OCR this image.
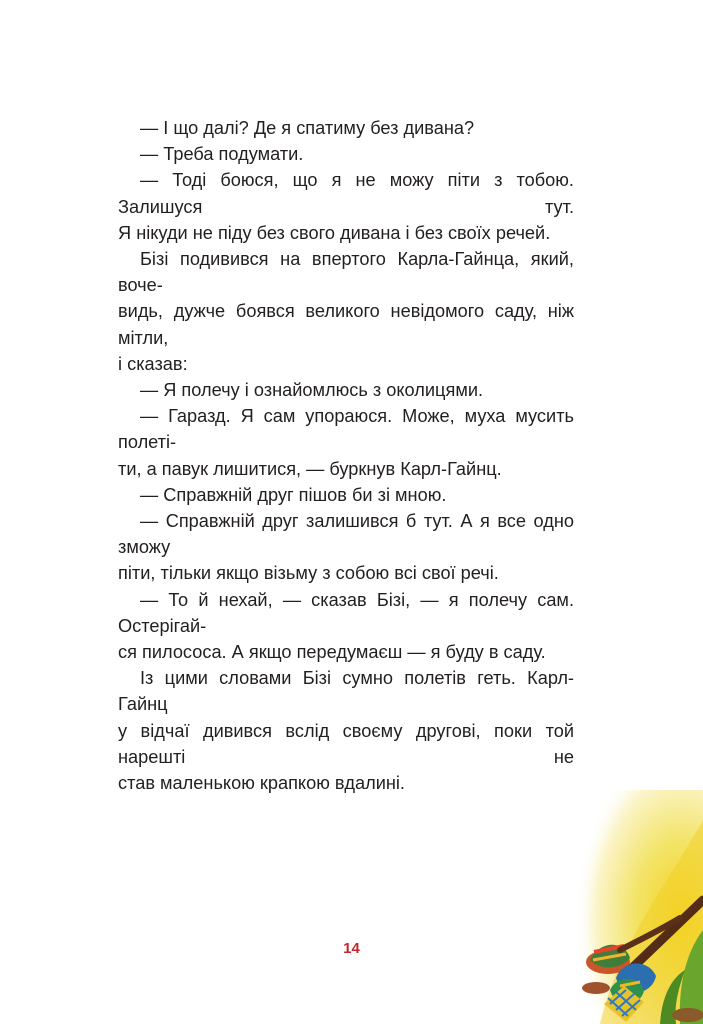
— І що далі? Де я спатиму без дивана?

— Треба подумати.

— Тоді боюся, що я не можу піти з тобою. Залишуся тут.
Я нікуди не піду без свого дивана і без своїх речей.

Бізі подивився на впертого Карла-Гайнца, який, воче-
видь, дужче боявся великого невідомого саду, ніж мітли,
і сказав:

— Я полечу і ознайомлюсь з околицями.

— Гаразд. Я сам упораюся. Може, муха мусить полеті-
ти, а павук лишитися, — буркнув Карл-Гайнц.

— Справжній друг пішов би зі мною.

— Справжній друг залишився б тут. А я все одно зможу
піти, тільки якщо візьму з собою всі свої речі.

— То й нехай, — сказав Бізі, — я полечу сам. Остерігай-
ся пилососа. А якщо передумаєш — я буду в саду.

Із цими словами Бізі сумно полетів геть. Карл-Гайнц
у відчаї дивився вслід своєму другові, поки той нарешті не
став маленькою крапкою вдалині.

14
